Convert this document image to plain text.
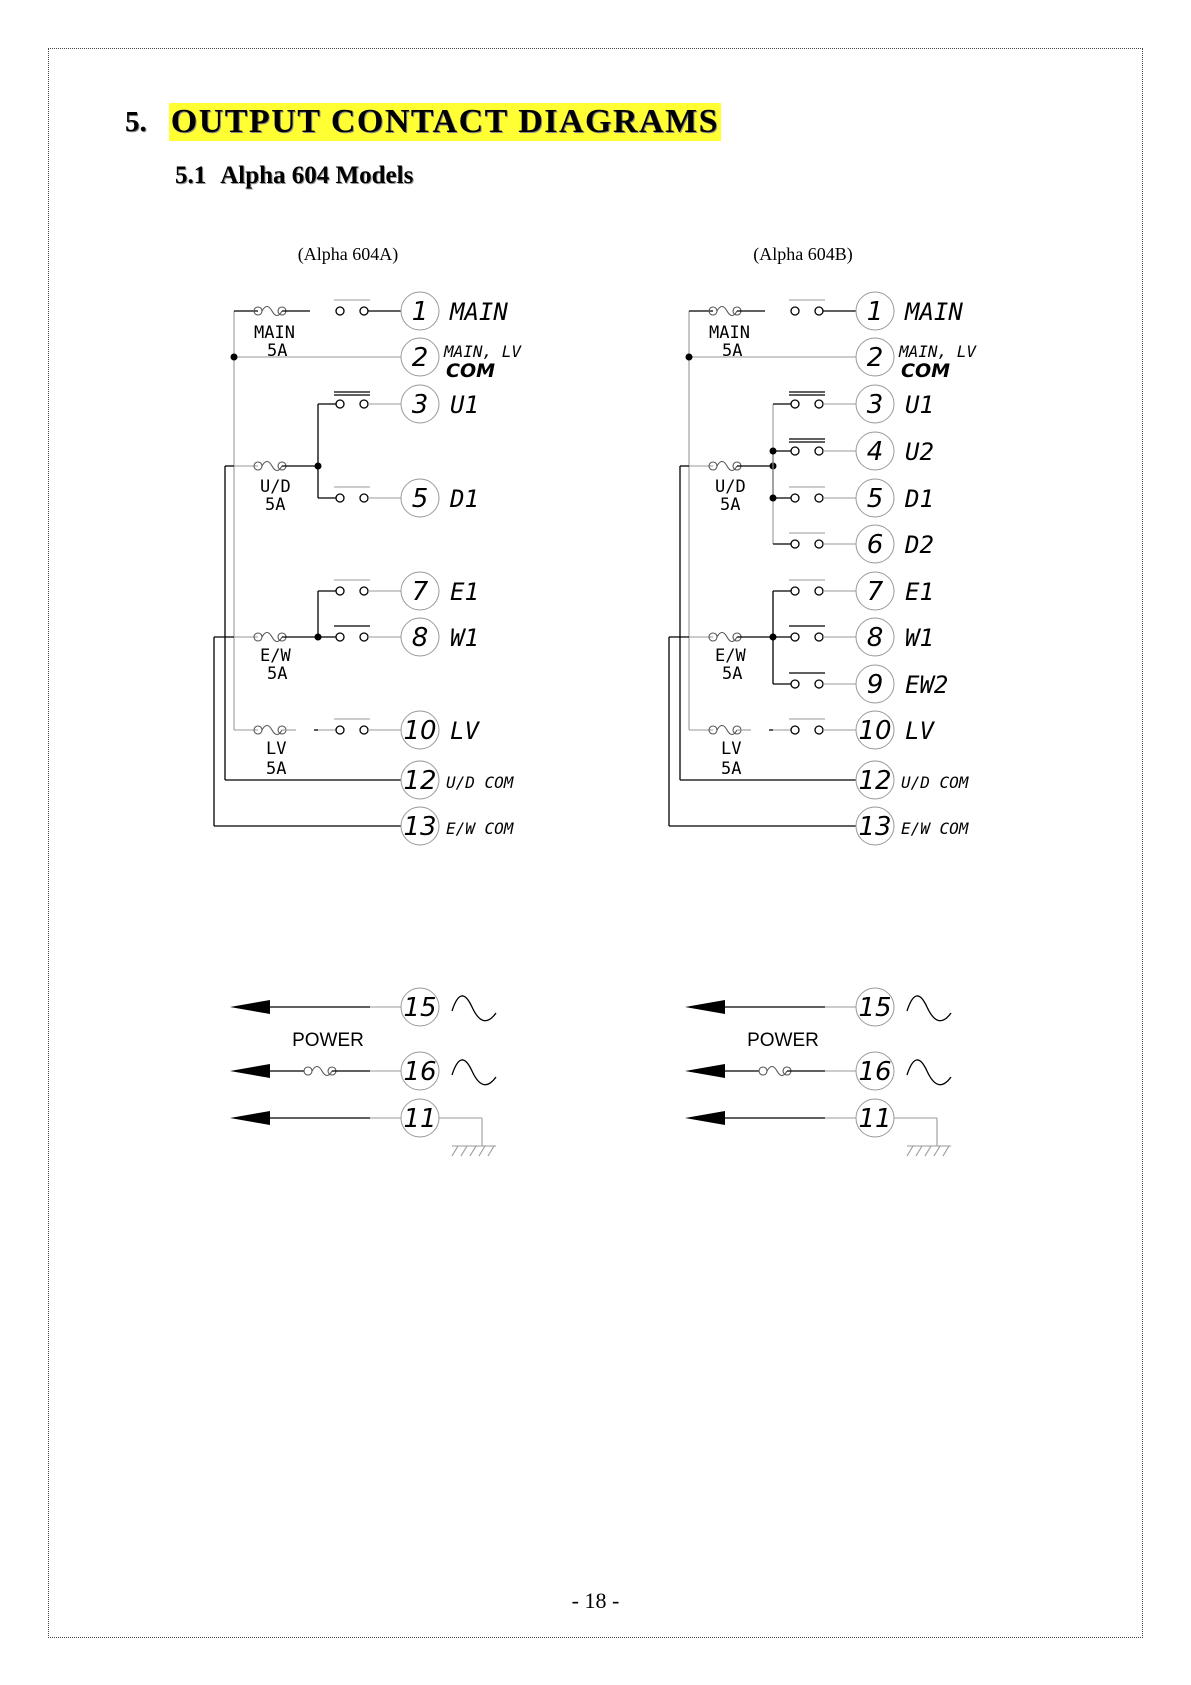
5. OUTPUT CONTACT DIAGRAMS
5.1 Alpha 604 Models
(Alpha 604A)
MAIN
5A
U/D
5A
E/W
5A
LV
5A
1 MAIN
2 MAIN, LV
COM
3 U1
5 D1
7 E1
8 W1
10 LV
12 U/D COM
13 E/W COM
15
16
11
POWER
(Alpha 604B)
MAIN
5A
U/D
5A
E/W
5A
LV
5A
1 MAIN
2 MAIN, LV
COM
3 U1
4 U2
5 D1
6 D2
7 E1
8 W1
9 EW2
10 LV
12 U/D COM
13 E/W COM
15
16
11
POWER
- 18 -
